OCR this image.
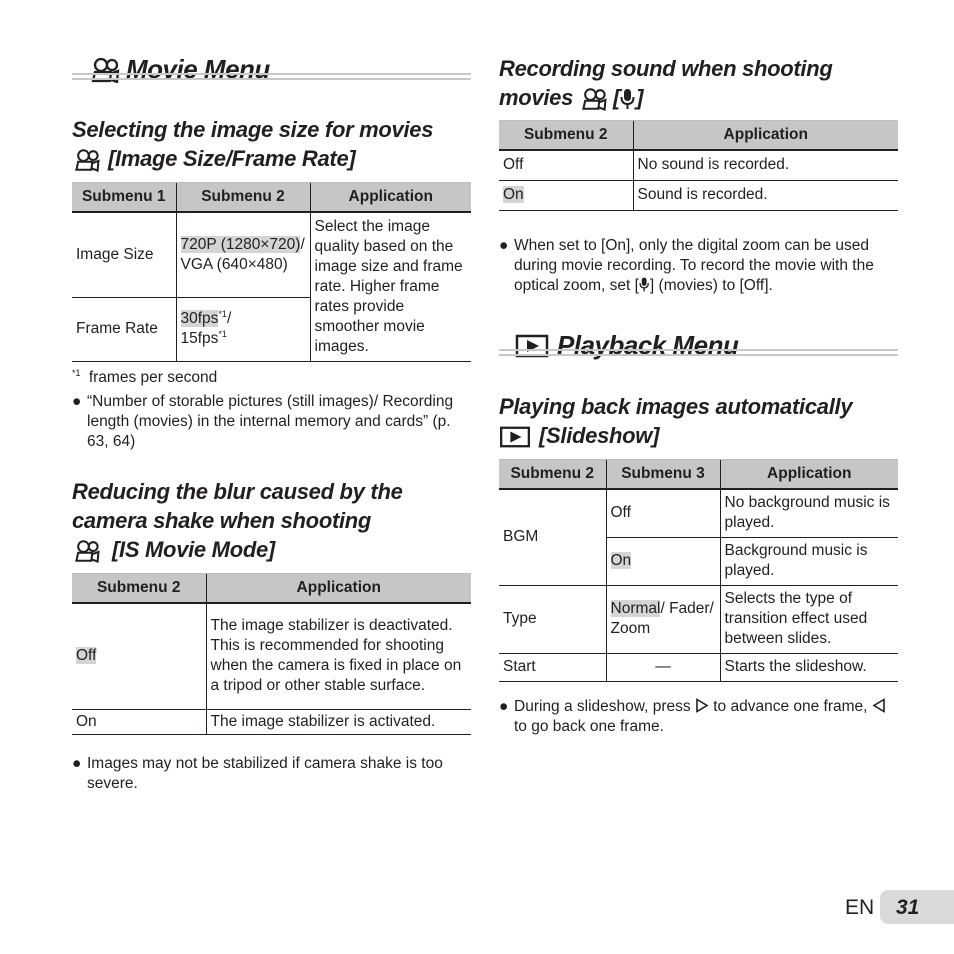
Movie Menu
Selecting the image size for movies
[Image Size/Frame Rate]
Submenu 1	Submenu 2	Application
Image Size	720P (1280×720)/ VGA (640×480)	Select the image quality based on the image size and frame rate. Higher frame rates provide smoother movie images.
Frame Rate	30fps$^{*1}$/
15fps$^{*1}$
$^{*1}$ frames per second
● “Number of storable pictures (still images)/ Recording length (movies) in the internal memory and cards” (p. 63, 64)
Reducing the blur caused by the
camera shake when shooting
[IS Movie Mode]
Submenu 2	Application
Off	The image stabilizer is deactivated. This is recommended for shooting when the camera is fixed in place on a tripod or other stable surface.
On	The image stabilizer is activated.
● Images may not be stabilized if camera shake is too severe.
Recording sound when shooting
movies [ ]
Submenu 2	Application
Off	No sound is recorded.
On	Sound is recorded.
● When set to [On], only the digital zoom can be used during movie recording. To record the movie with the optical zoom, set [ ] (movies) to [Off].
Playback Menu
Playing back images automatically
[Slideshow]
Submenu 2	Submenu 3	Application
BGM	Off	No background music is played.
	On	Background music is played.
Type	Normal/ Fader/ Zoom	Selects the type of transition effect used between slides.
Start	—	Starts the slideshow.
● During a slideshow, press to advance one frame,  to go back one frame.
EN 31
